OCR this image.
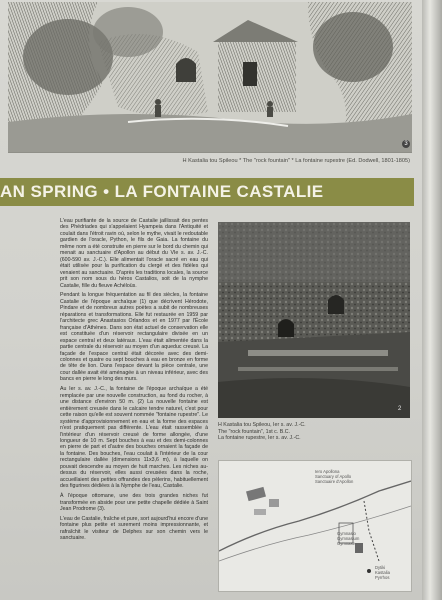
3
H Kastalia tou Spileou * The "rock fountain" * La fontaine rupestre (Ed. Dodwell, 1801-1805)
AN SPRING • LA FONTAINE CASTALIE

L'eau purifiante de la source de Castalie jaillissait des pentes des Phédriades qui s'appelaient Hyampeia dans l'Antiquité et coulait dans l'étroit ravin où, selon le mythe, vivait le redoutable gardien de l'oracle, Python, le fils de Gaia. La fontaine du même nom a été construite en pierre sur le bord du chemin qui menait au sanctuaire d'Apollon au début du VIe s. av. J.-C. (600-590 av. J.-C.). Elle alimentait l'oracle sacré en eau qui était utilisée pour la purification du clergé et des fidèles qui venaient au sanctuaire. D'après les traditions locales, la source prit son nom sous du héros Castalios, soit de la nymphe Castalie, fille du fleuve Achéloüs.

Pendant la longue fréquentation au fil des siècles, la fontaine Castalie de l'époque archaïque (1) que décrivent Hérodote, Pindare et de nombreux autres poètes a subit de nombreuses réparations et transformations. Elle fut restaurée en 1959 par l'architecte grec Anastasios Orlandos et en 1977 par l'École française d'Athènes. Dans son état actuel de conservation elle est constituée d'un réservoir rectangulaire divisée en un espace central et deux latéraux. L'eau était alimentée dans la partie centrale du réservoir au moyen d'un aqueduc creusé. La façade de l'espace central était décorée avec des demi-colonnes et quatre ou sept bouches à eau en bronze en forme de tête de lion. Dans l'espace devant la pièce centrale, une cour dallée avait été aménagée à un niveau inférieur, avec des bancs en pierre le long des murs.

Au Ier s. av. J.-C., la fontaine de l'époque archaïque a été remplacée par une nouvelle construction, au fond du rocher, à une distance d'environ 50 m. (2) La nouvelle fontaine est entièrement creusée dans le calcaire tendre naturel, c'est pour cette raison qu'elle est souvent nommée "fontaine rupestre". Le système d'approvisionnement en eau et la forme des espaces n'est pratiquement pas différente. L'eau était rassemblée à l'intérieur d'un réservoir creusé de forme allongée, d'une longueur de 10 m. Sept bouches à eau et des demi-colonnes en pierre de part et d'autre des bouches ornaient la façade de la fontaine. Des bouches, l'eau coulait à l'intérieur de la cour rectangulaire dallée (dimensions 11x3,6 m), à laquelle on pouvait descendre au moyen de huit marches. Les niches au-dessus du réservoir, elles aussi creusées dans la roche, accueillaient des petites offrandes des pèlerins, habituellement des figurines dédiées à la Nymphe de l'eau, Castalie.

À l'époque ottomane, une des trois grandes niches fut transformée en abside pour une petite chapelle dédiée à Saint Jean Prodrome (3).

L'eau de Castalie, fraîche et pure, sort aujourd'hui encore d'une fontaine plus petite et surement moins impressionnante, et rafraîchit le visiteur de Delphes sur son chemin vers le sanctuaire.

2
H Kastalia tou Spileou, Ier s. av. J.-C.
The "rock fountain", 1st c. B.C.
La fontaine rupestre, Ier s. av. J.-C.
Iero Apollona
Sanctuary of Apollo
Sanctuaire d'Apollon
Gymnasio
Gymnasium
Gymnase
Dytiki
Kastalia
Pyrrhos
